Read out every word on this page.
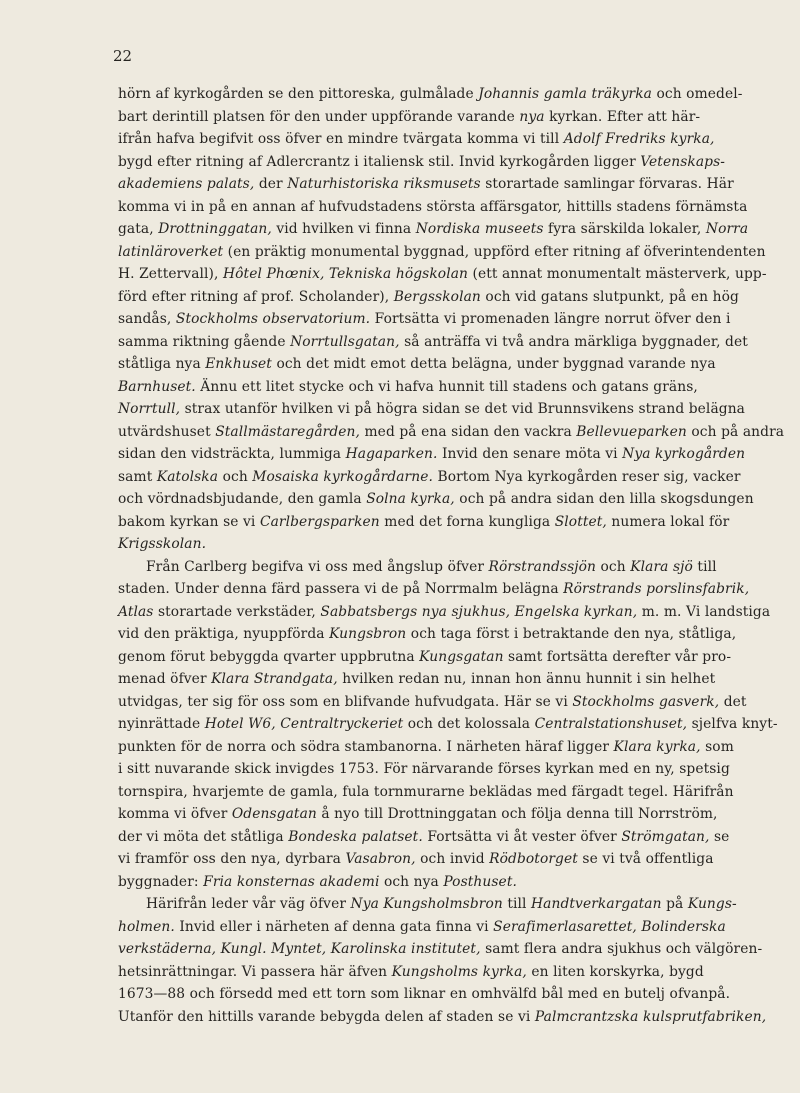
22
hörn af kyrkogården se den pittoreska, gulmålade Johannis gamla träkyrka och omedel-
bart derintill platsen för den under uppförande varande nya kyrkan. Efter att här-
ifrån hafva begifvit oss öfver en mindre tvärgata komma vi till Adolf Fredriks kyrka,
bygd efter ritning af Adlercrantz i italiensk stil. Invid kyrkogården ligger Vetenskaps-
akademiens palats, der Naturhistoriska riksmusets storartade samlingar förvaras. Här
komma vi in på en annan af hufvudstadens största affärsgator, hittills stadens förnämsta
gata, Drottninggatan, vid hvilken vi finna Nordiska museets fyra särskilda lokaler, Norra
latinläroverket (en präktig monumental byggnad, uppförd efter ritning af öfverintendenten
H. Zettervall), Hôtel Phœnix, Tekniska högskolan (ett annat monumentalt mästerverk, upp-
förd efter ritning af prof. Scholander), Bergsskolan och vid gatans slutpunkt, på en hög
sandås, Stockholms observatorium. Fortsätta vi promenaden längre norrut öfver den i
samma riktning gående Norrtullsgatan, så anträffa vi två andra märkliga byggnader, det
ståtliga nya Enkhuset och det midt emot detta belägna, under byggnad varande nya
Barnhuset. Ännu ett litet stycke och vi hafva hunnit till stadens och gatans gräns,
Norrtull, strax utanför hvilken vi på högra sidan se det vid Brunnsvikens strand belägna
utvärdshuset Stallmästaregården, med på ena sidan den vackra Bellevueparken och på andra
sidan den vidsträckta, lummiga Hagaparken. Invid den senare möta vi Nya kyrkogården
samt Katolska och Mosaiska kyrkogårdarne. Bortom Nya kyrkogården reser sig, vacker
och vördnadsbjudande, den gamla Solna kyrka, och på andra sidan den lilla skogsdungen
bakom kyrkan se vi Carlbergsparken med det forna kungliga Slottet, numera lokal för
Krigsskolan.
Från Carlberg begifva vi oss med ångslup öfver Rörstrandssjön och Klara sjö till
staden. Under denna färd passera vi de på Norrmalm belägna Rörstrands porslinsfabrik,
Atlas storartade verkstäder, Sabbatsbergs nya sjukhus, Engelska kyrkan, m. m. Vi landstiga
vid den präktiga, nyuppförda Kungsbron och taga först i betraktande den nya, ståtliga,
genom förut bebyggda qvarter uppbrutna Kungsgatan samt fortsätta derefter vår pro-
menad öfver Klara Strandgata, hvilken redan nu, innan hon ännu hunnit i sin helhet
utvidgas, ter sig för oss som en blifvande hufvudgata. Här se vi Stockholms gasverk, det
nyinrättade Hotel W6, Centraltryckeriet och det kolossala Centralstationshuset, sjelfva knyt-
punkten för de norra och södra stambanorna. I närheten häraf ligger Klara kyrka, som
i sitt nuvarande skick invigdes 1753. För närvarande förses kyrkan med en ny, spetsig
tornspira, hvarjemte de gamla, fula tornmurarne beklädas med färgadt tegel. Härifrån
komma vi öfver Odensgatan å nyo till Drottninggatan och följa denna till Norrström,
der vi möta det ståtliga Bondeska palatset. Fortsätta vi åt vester öfver Strömgatan, se
vi framför oss den nya, dyrbara Vasabron, och invid Rödbotorget se vi två offentliga
byggnader: Fria konsternas akademi och nya Posthuset.
Härifrån leder vår väg öfver Nya Kungsholmsbron till Handtverkargatan på Kungs-
holmen. Invid eller i närheten af denna gata finna vi Serafimerlasarettet, Bolinderska
verkstäderna, Kungl. Myntet, Karolinska institutet, samt flera andra sjukhus och välgören-
hetsinrättningar. Vi passera här äfven Kungsholms kyrka, en liten korskyrka, bygd
1673—88 och försedd med ett torn som liknar en omhvälfd bål med en butelj ofvanpå.
Utanför den hittills varande bebygda delen af staden se vi Palmcrantzska kulsprutfabriken,
